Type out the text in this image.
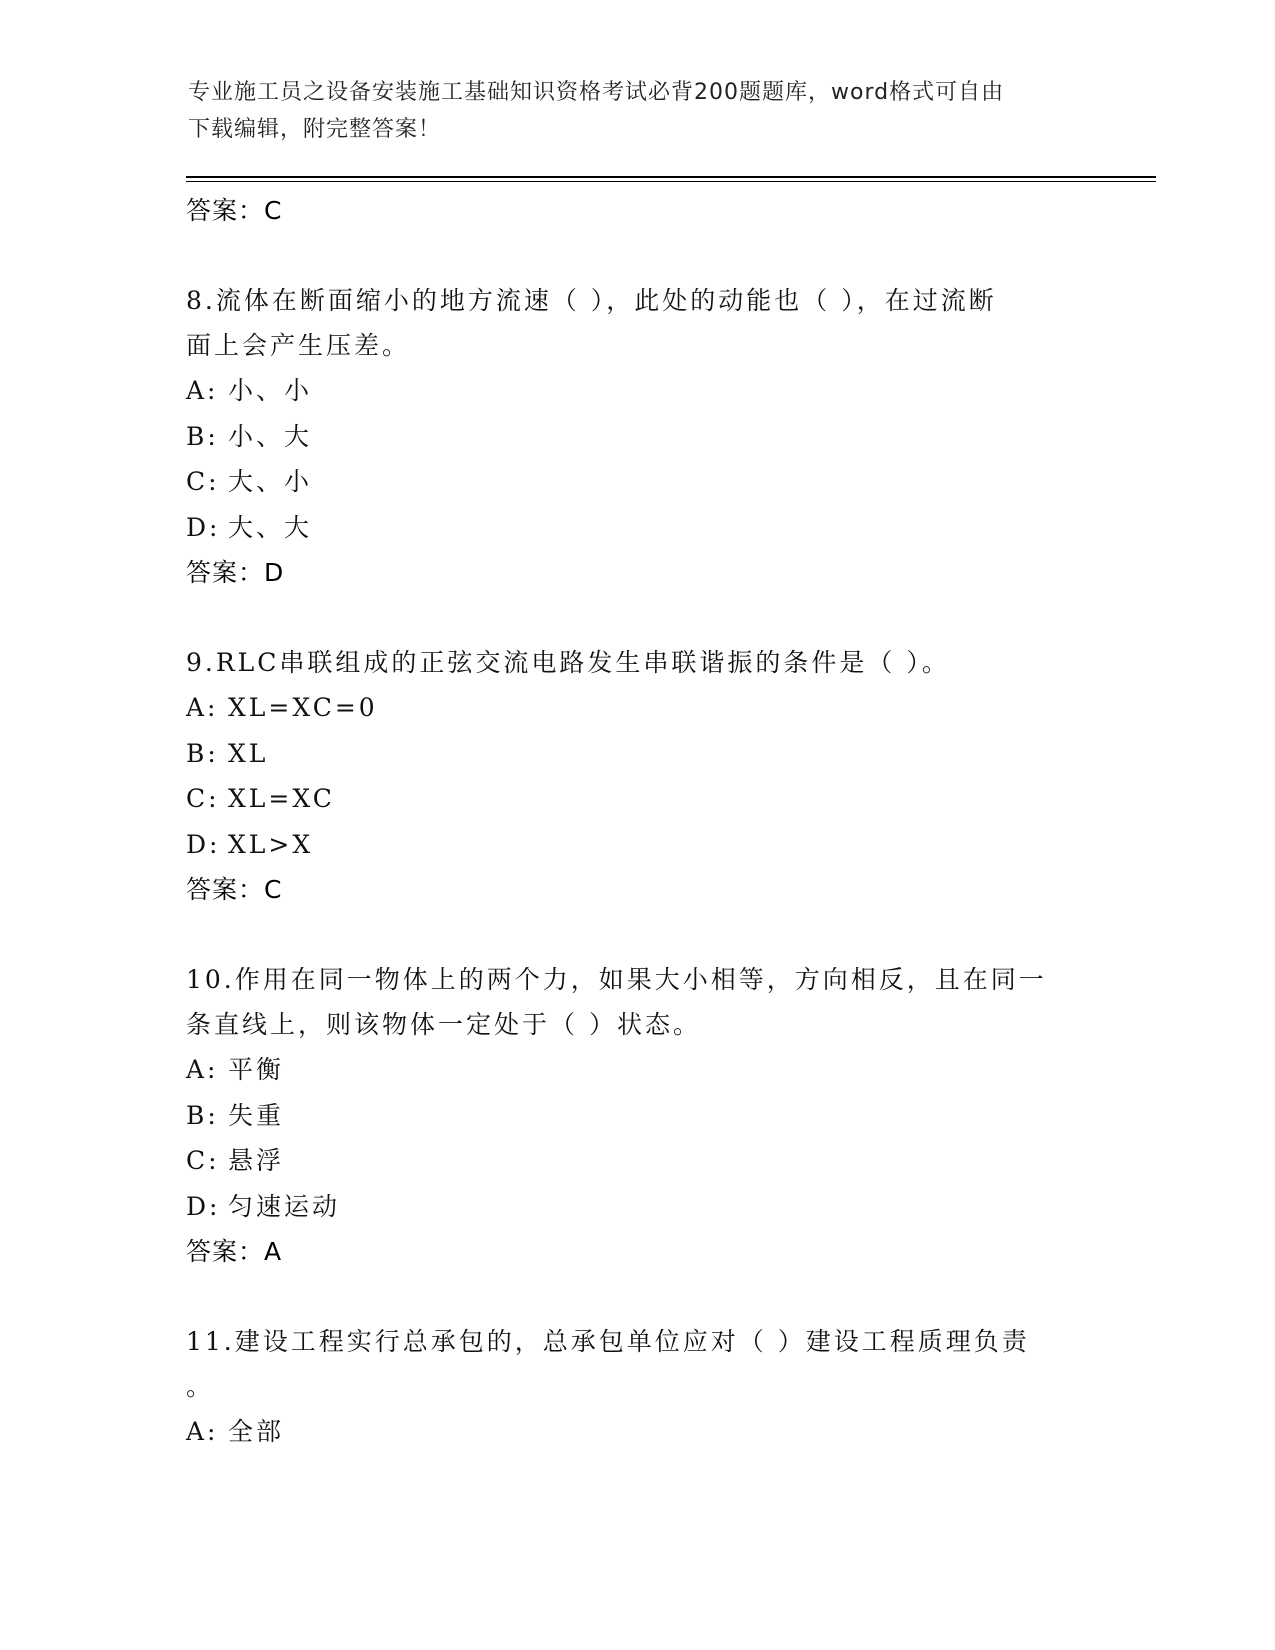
专业施工员之设备安装施工基础知识资格考试必背200题题库，word格式可自由
下载编辑，附完整答案！
答案：C
8.流体在断面缩小的地方流速（ ），此处的动能也（ ），在过流断
面上会产生压差。
A: 小、小
B: 小、大
C: 大、小
D: 大、大
答案：D
9.RLC串联组成的正弦交流电路发生串联谐振的条件是（ ）。
A: XL=XC=0
B: XL
C: XL=XC
D: XL>X
答案：C
10.作用在同一物体上的两个力，如果大小相等，方向相反，且在同一
条直线上，则该物体一定处于（ ）状态。
A: 平衡
B: 失重
C: 悬浮
D: 匀速运动
答案：A
11.建设工程实行总承包的，总承包单位应对（ ）建设工程质理负责
。
A: 全部
